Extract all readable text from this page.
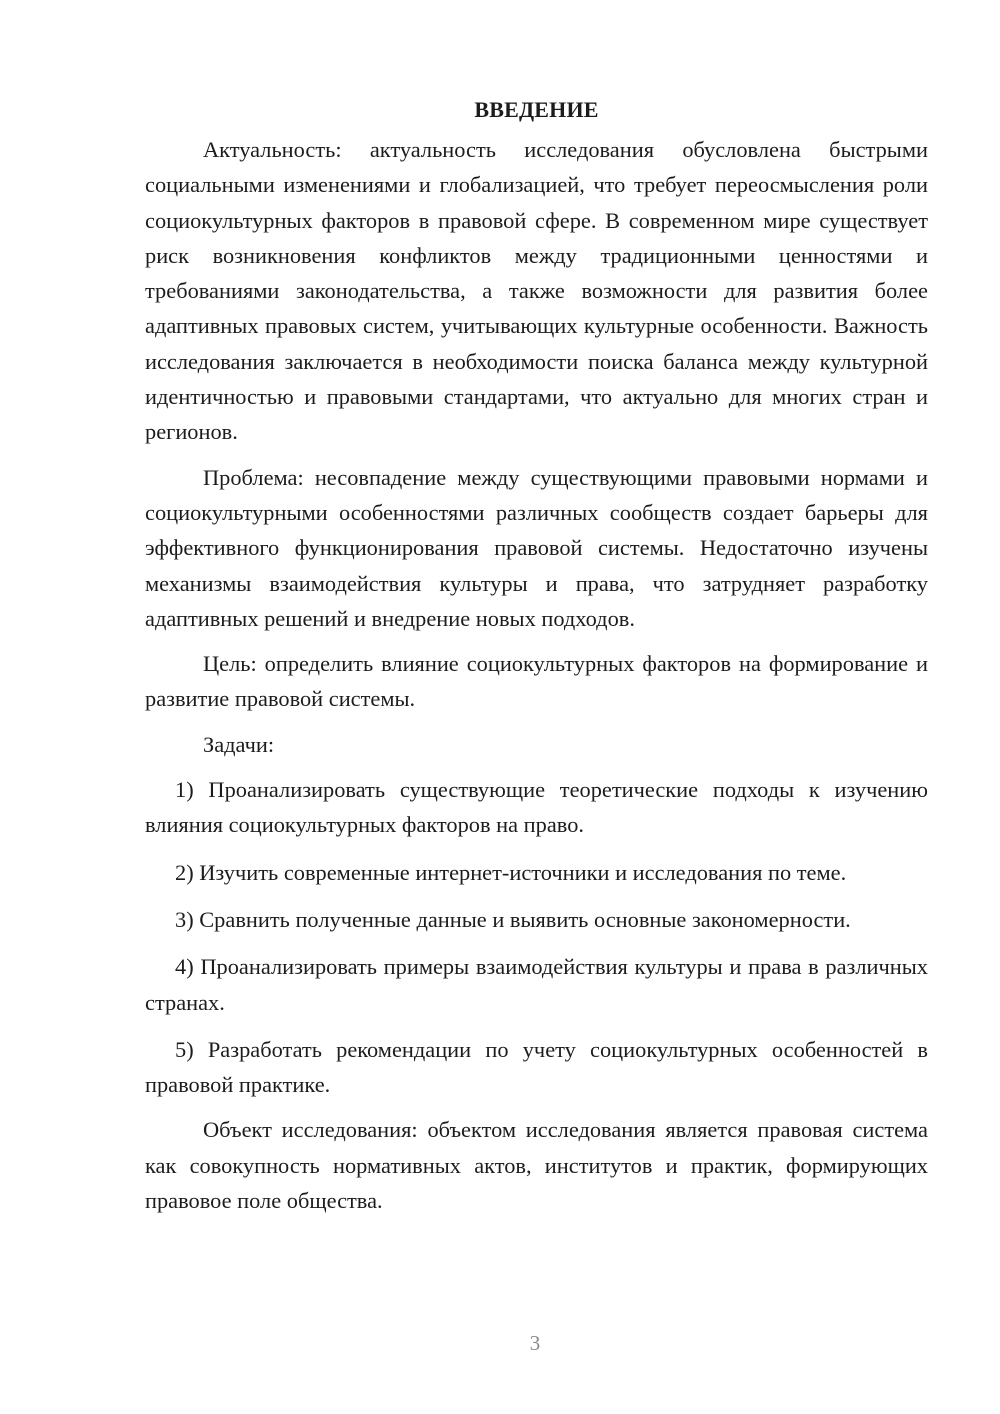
ВВЕДЕНИЕ

Актуальность: актуальность исследования обусловлена быстрыми социальными изменениями и глобализацией, что требует переосмысления роли социокультурных факторов в правовой сфере. В современном мире существует риск возникновения конфликтов между традиционными ценностями и требованиями законодательства, а также возможности для развития более адаптивных правовых систем, учитывающих культурные особенности. Важность исследования заключается в необходимости поиска баланса между культурной идентичностью и правовыми стандартами, что актуально для многих стран и регионов.

Проблема: несовпадение между существующими правовыми нормами и социокультурными особенностями различных сообществ создает барьеры для эффективного функционирования правовой системы. Недостаточно изучены механизмы взаимодействия культуры и права, что затрудняет разработку адаптивных решений и внедрение новых подходов.

Цель: определить влияние социокультурных факторов на формирование и развитие правовой системы.

Задачи:

1) Проанализировать существующие теоретические подходы к изучению влияния социокультурных факторов на право.

2) Изучить современные интернет-источники и исследования по теме.

3) Сравнить полученные данные и выявить основные закономерности.

4) Проанализировать примеры взаимодействия культуры и права в различных странах.

5) Разработать рекомендации по учету социокультурных особенностей в правовой практике.

Объект исследования: объектом исследования является правовая система как совокупность нормативных актов, институтов и практик, формирующих правовое поле общества.

3
